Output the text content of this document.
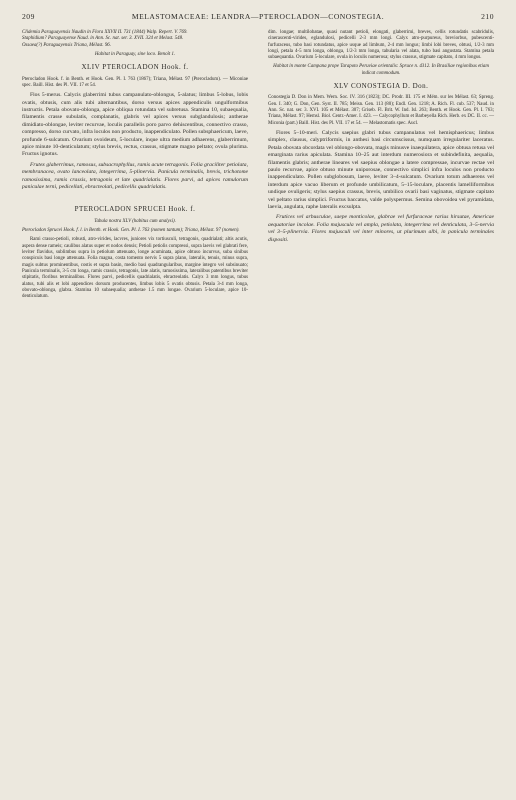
209	MELASTOMACEAE: LEANDRA—PTEROCLADON—CONOSTEGIA.	210

Clidemia Paraguayensis Naudin in Flora XXVII II. 731 (1844) Walp. Repert. V. 769.
Staphidium? Paraguayense Naud. in Ann. Sc. nat. ser. 3. XVII. 324 et Melast. 548.
Ossaea(?) Paraguayensis Triana, Mélast. 96.

Habitat in Paraguay, sine loco. Benoît 1.

XLIV PTEROCLADON Hook. f.

Pterocladon Hook. f. in Benth. et Hook. Gen. Pl. I. 763 (1867); Triana, Mélast. 97 (Pterocladum). — Miconiae spec. Baill. Hist. des Pl. VII. 17 et 54.

Flos 5-merus. Calycis glaberrimi tubus campanulato-oblongus, 5-alatus; limbus 5-lobus, lobis ovatis, obtusis, cum alis tubi alternantibus, dorso versus apices appendiculis ungulformibus instructis. Petala obovato-oblonga, apice obliqua rotundata vel subretusa. Stamina 10, subaequalia, filamentis crasse subulatis, complanatis, glabris vel apices versus subglandulosis; antherae dimidiato-oblongae, leviter recurvae, loculis parallelis poro parvo dehiscentibus, connectivo crasso, compresso, dorso curvato, infra loculos non producto, inappendiculato. Pollen subsphaericum, laeve, profunde 6-sulcatum. Ovarium ovoideum, 5-loculare, inque ultra medium adhaerens, glaberrimum, apice minute 10-denticulatum; stylus brevis, rectus, crassus, stigmate magno peltato; ovula plurima. Fructus ignotus.

Frutex glaberrimus, ramosus, subsacrophyllus, ramis acute tetragonis. Folia graciliter petiolata, membranacea, ovato lanceolata, integerrima, 5-plinervia. Panicula terminalis, brevis, trichotome ramosissima, ramis crassis, tetragonis et late quadrialatis. Flores parvi, ad apices ramulorum paniculae terni, pedicellati, ebracteolati, pedicellis quadrialatis.

PTEROCLADON SPRUCEI Hook. f.

Tabula nostra XLV (habitus cum analysi).

Pterocladon Sprucei Hook. f. l. in Benth. et Hook. Gen. Pl. I. 763 (nomen tantum); Triana, Mélast. 97 (nomen).

Rami crasso-petioli, robusti, atro-virides, lacvres, juniores vix tortiusculi, tetragonis, quadrialati; altis acutis, aspera dense rameis; caulibus alatus super et nodos densis; Petioli petiolis compressi, supra laevis vel glabrati fere, leviter flavidus, sublimbus supra in petiolum attenuato, longe acuminata, apice obtuso incurvus, suba sinibus conspicuis basi longe attenuata. Folia magna, costa tomento nervis 5 supra plano, lateralis, tenuis, minus supra, magis subtus prominentibus, costis et supra basin, medio basi quadrangularibus, margine integro vel subsinuato; Panicula terminalis, 3-5 cm longa, ramis crassis, tetragonis, late alatis, ramosissima, lateralibus patentibus breviter stipitatis, floribus terminalibus. Flores parvi, pedicellis quadrialatis, ebracteolatis. Calyx 3 mm longus, tubus alatus, tubi alis et lobi appendices dorsum producentes, limbus lobis 5 ovatis obtusis. Petala 3-4 mm longa, obovato-oblonga, glabra. Stamina 10 subaequalia; antherae 1.5 mm longae. Ovarium 5-loculare, apice 10-denticulatum.

dim. longae; multilobatae, quasi nutant petioli, elongati, glaberrimi, breves, cellis rotundatis scabridulis, cinerascenti-virides, eglandulosi, pedicelli 2-3 mm longi. Calyx atro-purpureus, breviorbus, pubescenti-furfuraceus, tubo basi rotundatus, apice usque ad limbum, 2-4 mm longus; limbi lobi breves, obtusi, 1/2-3 mm longi, petala 4-5 mm longa, oblonga, 1/2-3 mm longa, tabularia vel alata, tubo basi angustata. Stamina petala subaequantia. Ovarium 5-loculare, ovula in loculis numerosa; stylus crassus, stigmate capitato, 4 mm longus.

Habitat in monte Campana prope Tarapoto Peruviae orientalis: Spruce n. 4312. In Brasiliae regionibus etiam indicat commodum.

XLV CONOSTEGIA D. Don.

Conostegia D. Don in Mem. Wern. Soc. IV. 316 (1823); DC. Prodr. III. 175 et Mém. sur les Mélast. 63; Spreng. Gen. I. 340; G. Don, Gen. Syst. II. 785; Meisn. Gen. 113 (80); Endl. Gen. 1218; A. Rich. Fl. cub. 537; Naud. in Ann. Sc. nat. ser. 3. XVI. 105 et Mélast. 307; Griseb. Fl. Brit. W. Ind. Isl. 263; Benth. et Hook. Gen. Pl. I. 763; Triana, Mélast. 97; Hemsl. Biol. Centr.-Amer. I. 423. — Calycophyllum et Barbeyella Rich. Herb. ex DC. II. cc. — Miconia (part.) Baill. Hist. des Pl. VII. 17 et 54. — Melastomatis spec. Aucl.

Flores 5–10-meri. Calycis saepius glabri tubus campanulatus vel hemisphaericus; limbus simplex, clausus, calyptriformis, in anthesi basi circumscissus, numquam irregulariter laceratus. Petala obovata obcordata vel oblongo-obovata, magis minusve inaequilatera, apice obtusa retusa vel emarginata rarius apiculata. Stamina 10–25 aut interdum numerosiora et subindefinita, aequalia, filamentis glabris; antherae lineares vel saepius oblongae a latere compressae, incurvae rectae vel paulo recurvae, apice obtuso minute uniporosae, connectivo simplici infra loculos non producto inappendiculato. Pollen subglobosum, laeve, leviter 3–4-sulcatum. Ovarium totum adhaerens vel interdum apice vacuo liberum et profunde umbilicatum, 5–15-loculare, placentis lamelliformibus undique ovuligeris; stylus saepius crassus, brevis, umbilico ovarii basi vaginatus, stigmate capitato vel peltato rarius simplici. Fructus baccatus, valde polyspermus. Semina obovoidea vel pyramidata, laevia, angulata, raphe lateralis excsulpta.

Frutices vel arbusculae, saepe monticolae, glabrae vel furfuraceae rarius hirsutae, Americae aequatoriae incolae. Folia majuscula vel ampla, petiolata, integerrima vel denticulata, 3–5-nervia vel 3–5-plinervia. Flores majusculi vel inter minores, ut plurimum albi, in panicula terminales dispositi.
